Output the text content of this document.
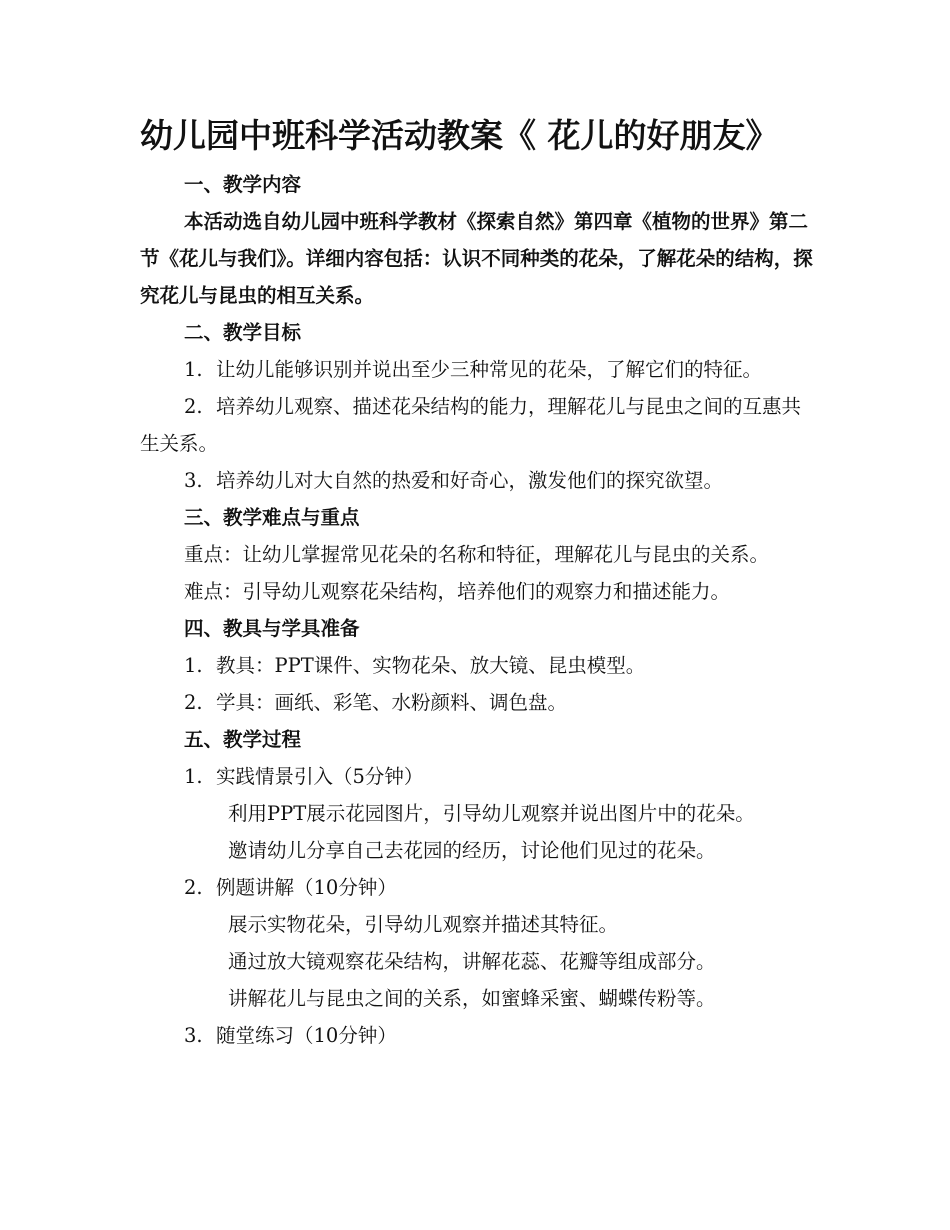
幼儿园中班科学活动教案《 花儿的好朋友》

一、教学内容

本活动选自幼儿园中班科学教材《探索自然》第四章《植物的世界》第二节《花儿与我们》。详细内容包括：认识不同种类的花朵，了解花朵的结构，探究花儿与昆虫的相互关系。

二、教学目标

1. 让幼儿能够识别并说出至少三种常见的花朵，了解它们的特征。

2. 培养幼儿观察、描述花朵结构的能力，理解花儿与昆虫之间的互惠共生关系。

3. 培养幼儿对大自然的热爱和好奇心，激发他们的探究欲望。

三、教学难点与重点

重点：让幼儿掌握常见花朵的名称和特征，理解花儿与昆虫的关系。

难点：引导幼儿观察花朵结构，培养他们的观察力和描述能力。

四、教具与学具准备

1. 教具：PPT课件、实物花朵、放大镜、昆虫模型。

2. 学具：画纸、彩笔、水粉颜料、调色盘。

五、教学过程

1. 实践情景引入（5分钟）

利用PPT展示花园图片，引导幼儿观察并说出图片中的花朵。

邀请幼儿分享自己去花园的经历，讨论他们见过的花朵。

2. 例题讲解（10分钟）

展示实物花朵，引导幼儿观察并描述其特征。

通过放大镜观察花朵结构，讲解花蕊、花瓣等组成部分。

讲解花儿与昆虫之间的关系，如蜜蜂采蜜、蝴蝶传粉等。

3. 随堂练习（10分钟）
